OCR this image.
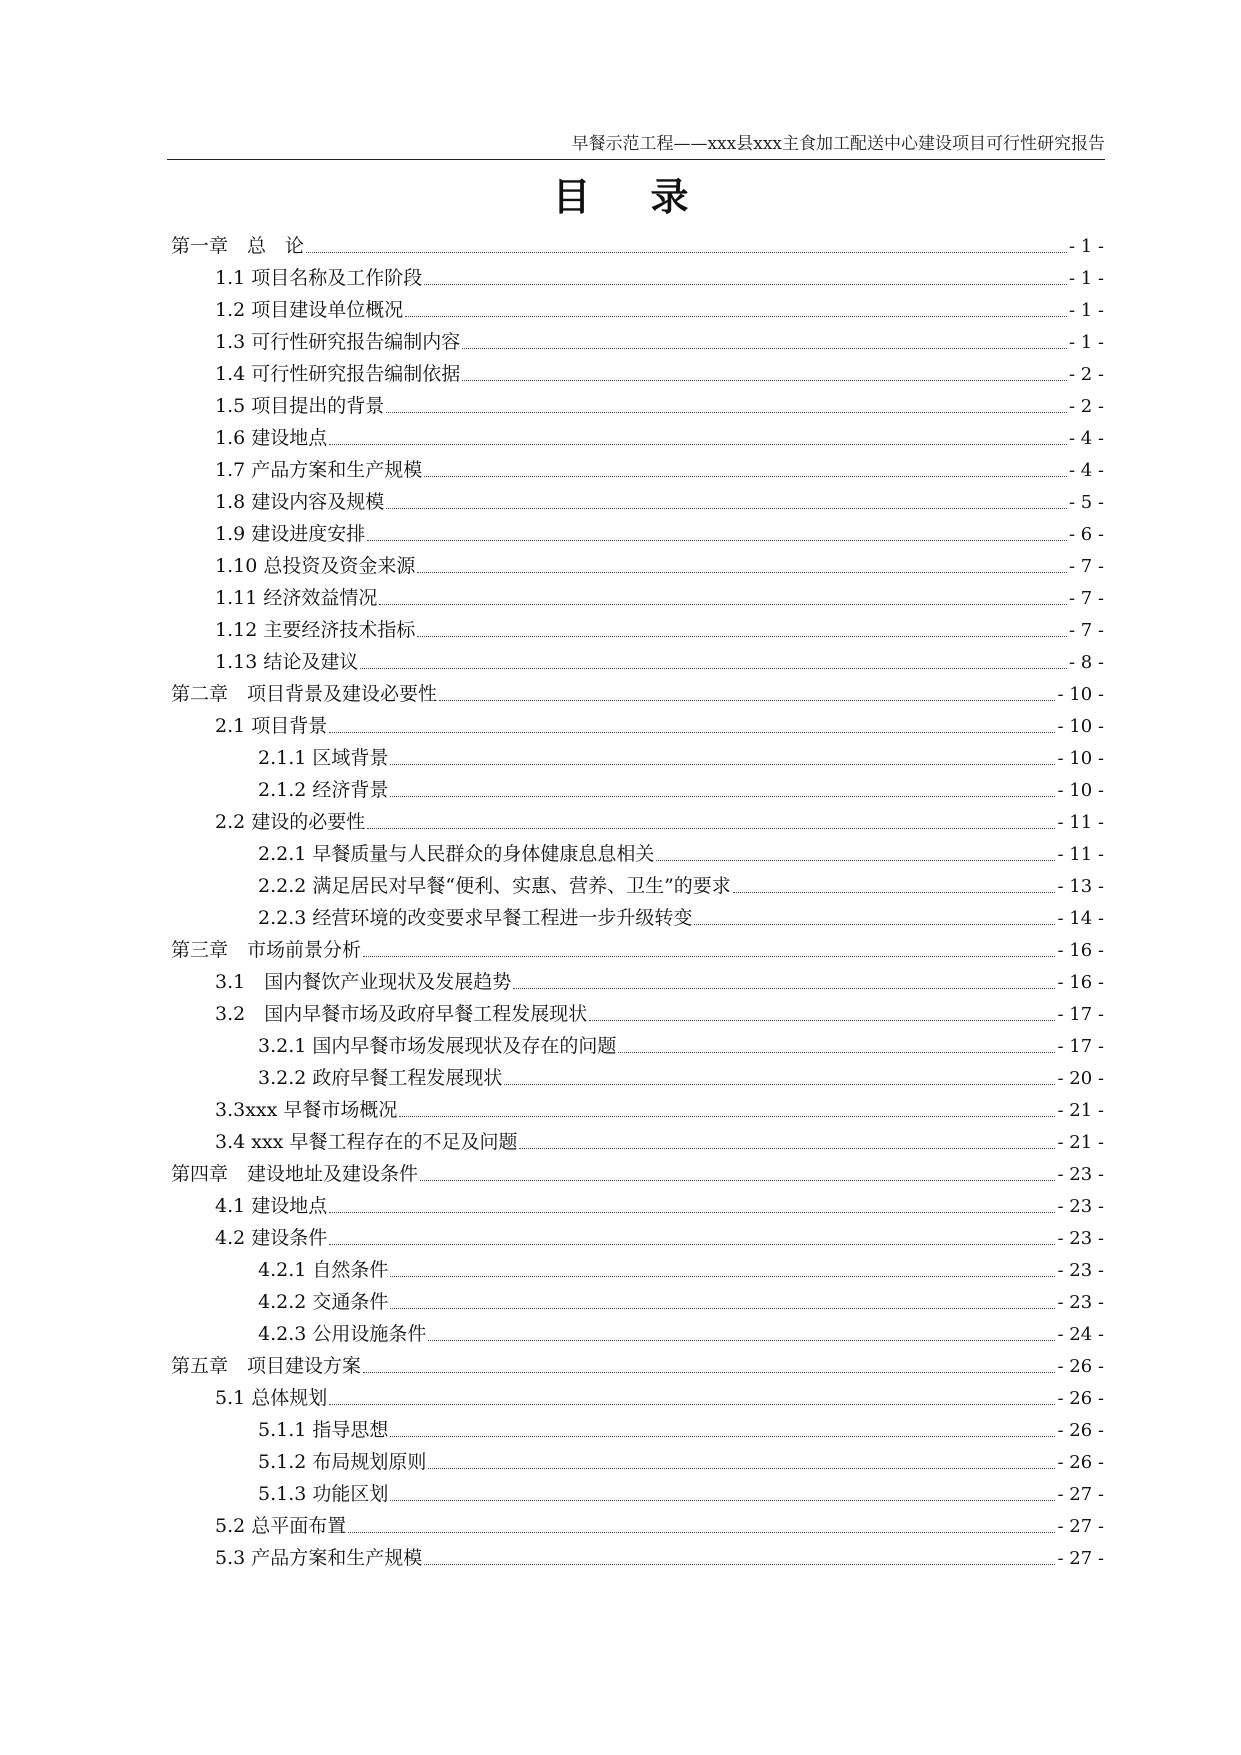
早餐示范工程——xxx县xxx主食加工配送中心建设项目可行性研究报告
目录
第一章　总　论	- 1 -
1.1 项目名称及工作阶段	- 1 -
1.2 项目建设单位概况	- 1 -
1.3 可行性研究报告编制内容	- 1 -
1.4 可行性研究报告编制依据	- 2 -
1.5 项目提出的背景	- 2 -
1.6 建设地点	- 4 -
1.7 产品方案和生产规模	- 4 -
1.8 建设内容及规模	- 5 -
1.9 建设进度安排	- 6 -
1.10 总投资及资金来源	- 7 -
1.11 经济效益情况	- 7 -
1.12 主要经济技术指标	- 7 -
1.13 结论及建议	- 8 -
第二章　项目背景及建设必要性	- 10 -
2.1 项目背景	- 10 -
2.1.1 区域背景	- 10 -
2.1.2 经济背景	- 10 -
2.2 建设的必要性	- 11 -
2.2.1 早餐质量与人民群众的身体健康息息相关	- 11 -
2.2.2 满足居民对早餐“便利、实惠、营养、卫生”的要求	- 13 -
2.2.3 经营环境的改变要求早餐工程进一步升级转变	- 14 -
第三章　市场前景分析	- 16 -
3.1　国内餐饮产业现状及发展趋势	- 16 -
3.2　国内早餐市场及政府早餐工程发展现状	- 17 -
3.2.1 国内早餐市场发展现状及存在的问题	- 17 -
3.2.2 政府早餐工程发展现状	- 20 -
3.3xxx 早餐市场概况	- 21 -
3.4 xxx 早餐工程存在的不足及问题	- 21 -
第四章　建设地址及建设条件	- 23 -
4.1 建设地点	- 23 -
4.2 建设条件	- 23 -
4.2.1 自然条件	- 23 -
4.2.2 交通条件	- 23 -
4.2.3 公用设施条件	- 24 -
第五章　项目建设方案	- 26 -
5.1 总体规划	- 26 -
5.1.1 指导思想	- 26 -
5.1.2 布局规划原则	- 26 -
5.1.3 功能区划	- 27 -
5.2 总平面布置	- 27 -
5.3 产品方案和生产规模	- 27 -
